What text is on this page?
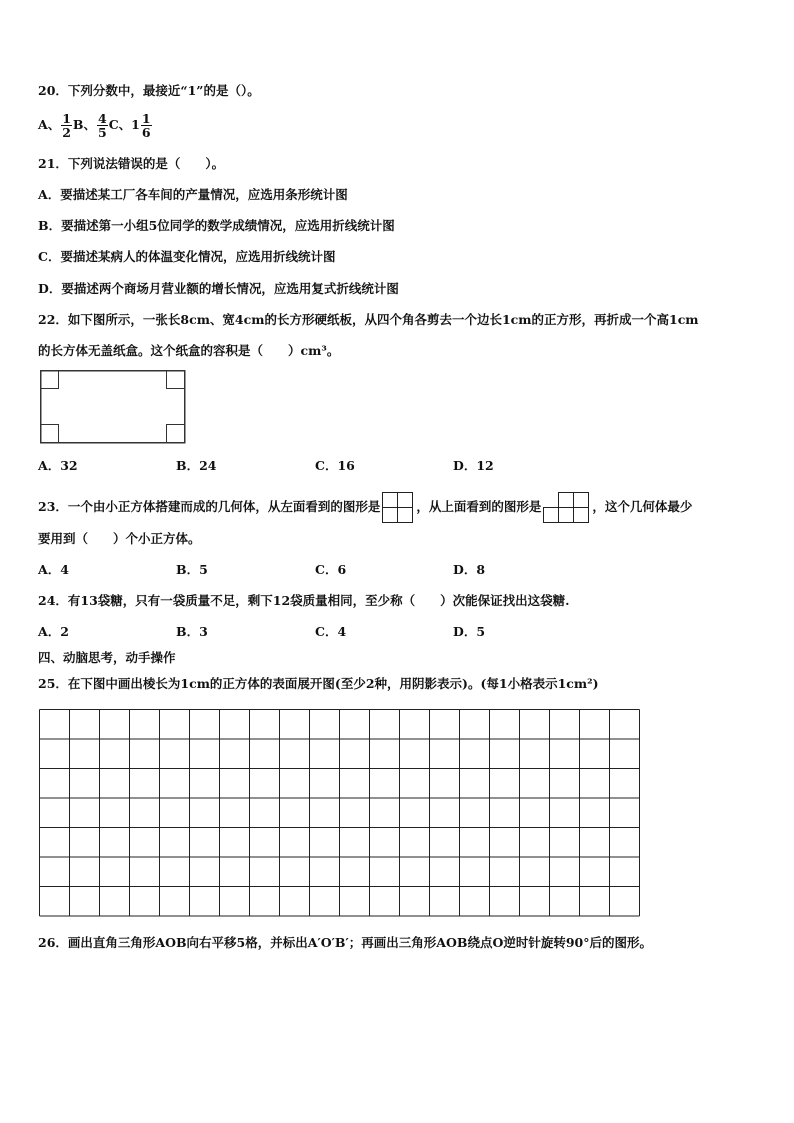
20．下列分数中，最接近“1”的是（）。
A、 $\frac{1}{2}$ B、 $\frac{4}{5}$ C、$1 \frac{1}{6}$
21．下列说法错误的是（　　）。
A．要描述某工厂各车间的产量情况，应选用条形统计图
B．要描述第一小组5位同学的数学成绩情况，应选用折线统计图
C．要描述某病人的体温变化情况，应选用折线统计图
D．要描述两个商场月营业额的增长情况，应选用复式折线统计图
22．如下图所示，一张长8cm、宽4cm的长方形硬纸板，从四个角各剪去一个边长1cm的正方形，再折成一个高1cm
的长方体无盖纸盒。这个纸盒的容积是（　　）cm³。
A．32	B．24	C．16	D．12
23．一个由小正方体搭建而成的几何体，从左面看到的图形是	，从上面看到的图形是	，这个几何体最少
要用到（　　）个小正方体。
A．4	B．5	C．6	D．8
24．有13袋糖，只有一袋质量不足，剩下12袋质量相同，至少称（　　）次能保证找出这袋糖.
A．2	B．3	C．4	D．5
四、动脑思考，动手操作
25．在下图中画出棱长为1cm的正方体的表面展开图(至少2种，用阴影表示)。(每1小格表示1cm²)
26．画出直角三角形AOB向右平移5格，并标出A′O′B′；再画出三角形AOB绕点O逆时针旋转90°后的图形。
